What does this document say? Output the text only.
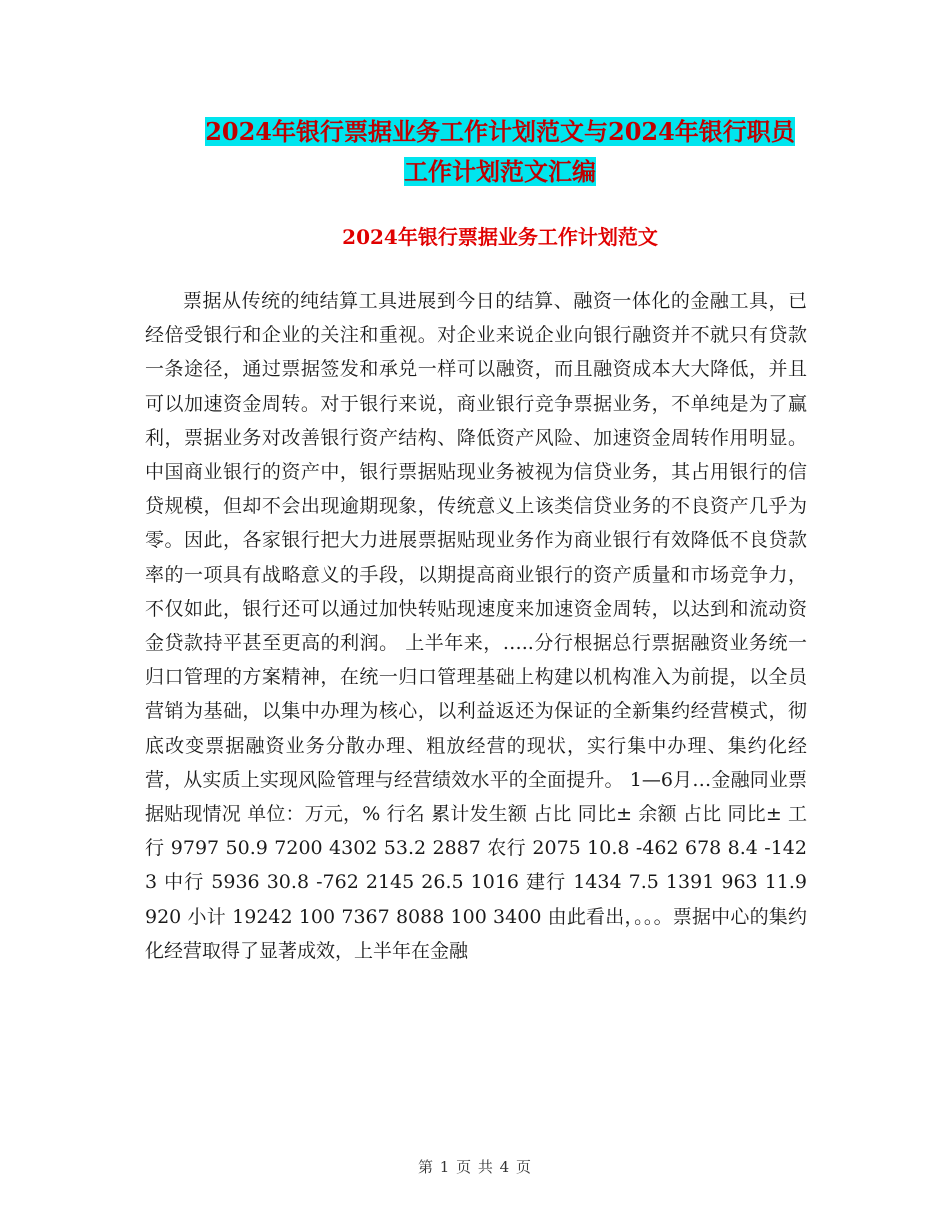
2024年银行票据业务工作计划范文与2024年银行职员
工作计划范文汇编
2024年银行票据业务工作计划范文

票据从传统的纯结算工具进展到今日的结算、融资一体化的金融工具，已经倍受银行和企业的关注和重视。对企业来说企业向银行融资并不就只有贷款一条途径，通过票据签发和承兑一样可以融资，而且融资成本大大降低，并且可以加速资金周转。对于银行来说，商业银行竞争票据业务，不单纯是为了赢利，票据业务对改善银行资产结构、降低资产风险、加速资金周转作用明显。中国商业银行的资产中，银行票据贴现业务被视为信贷业务，其占用银行的信贷规模，但却不会出现逾期现象，传统意义上该类信贷业务的不良资产几乎为零。因此，各家银行把大力进展票据贴现业务作为商业银行有效降低不良贷款率的一项具有战略意义的手段，以期提高商业银行的资产质量和市场竞争力，不仅如此，银行还可以通过加快转贴现速度来加速资金周转，以达到和流动资金贷款持平甚至更高的利润。 上半年来，…..分行根据总行票据融资业务统一归口管理的方案精神，在统一归口管理基础上构建以机构准入为前提，以全员营销为基础，以集中办理为核心，以利益返还为保证的全新集约经营模式，彻底改变票据融资业务分散办理、粗放经营的现状，实行集中办理、集约化经营，从实质上实现风险管理与经营绩效水平的全面提升。 1—6月…金融同业票据贴现情况 单位：万元，% 行名 累计发生额 占比 同比± 余额 占比 同比± 工行 9797 50.9 7200 4302 53.2 2887 农行 2075 10.8 -462 678 8.4 -1423 中行 5936 30.8 -762 2145 26.5 1016 建行 1434 7.5 1391 963 11.9 920 小计 19242 100 7367 8088 100 3400 由此看出，。。。票据中心的集约化经营取得了显著成效，上半年在金融

第 1 页 共 4 页
